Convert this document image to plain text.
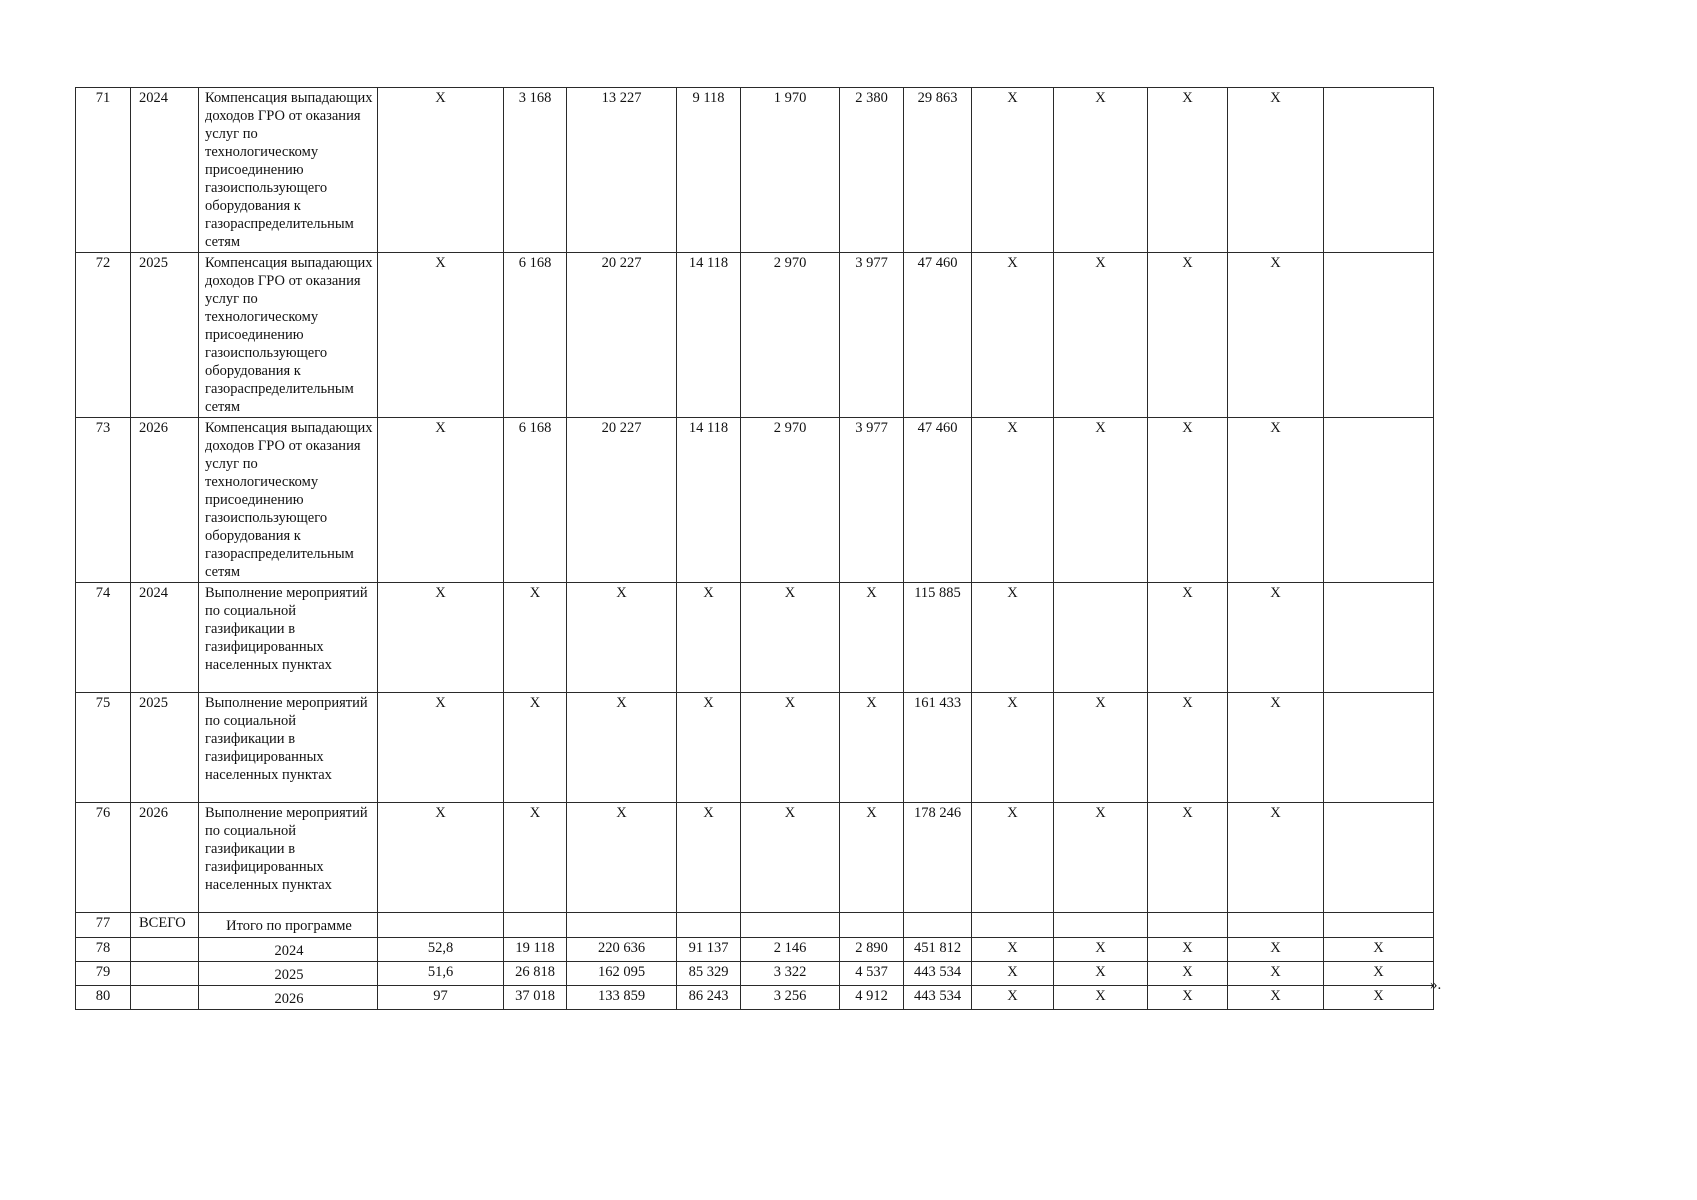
71	2024	Компенсация выпадающих доходов ГРО от оказания услуг по технологическому присоединению газоиспользующего оборудования к газораспределительным сетям	X	3 168	13 227	9 118	1 970	2 380	29 863	X	X	X	X	
72	2025	Компенсация выпадающих доходов ГРО от оказания услуг по технологическому присоединению газоиспользующего оборудования к газораспределительным сетям	X	6 168	20 227	14 118	2 970	3 977	47 460	X	X	X	X	
73	2026	Компенсация выпадающих доходов ГРО от оказания услуг по технологическому присоединению газоиспользующего оборудования к газораспределительным сетям	X	6 168	20 227	14 118	2 970	3 977	47 460	X	X	X	X	
74	2024	Выполнение мероприятий по социальной газификации в газифицированных населенных пунктах	X	X	X	X	X	X	115 885	X		X	X	
75	2025	Выполнение мероприятий по социальной газификации в газифицированных населенных пунктах	X	X	X	X	X	X	161 433	X	X	X	X	
76	2026	Выполнение мероприятий по социальной газификации в газифицированных населенных пунктах	X	X	X	X	X	X	178 246	X	X	X	X	
77	ВСЕГО	Итого по программе												
78		2024	52,8	19 118	220 636	91 137	2 146	2 890	451 812	X	X	X	X	X
79		2025	51,6	26 818	162 095	85 329	3 322	4 537	443 534	X	X	X	X	X
80		2026	97	37 018	133 859	86 243	3 256	4 912	443 534	X	X	X	X	X
».
